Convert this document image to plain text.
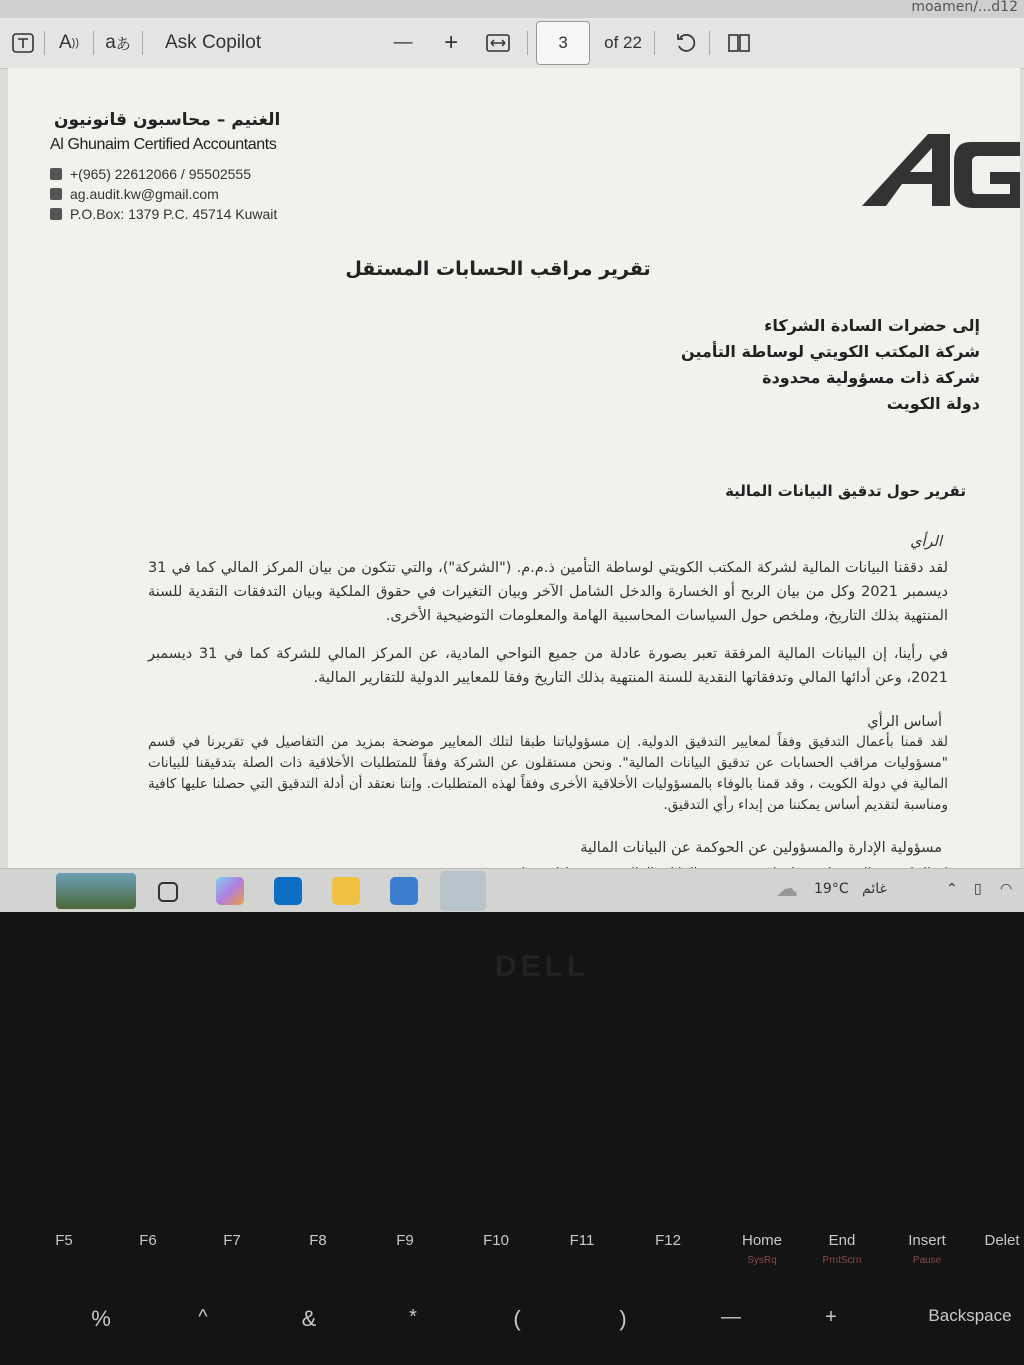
moamen/...d12
A )) a あ Ask Copilot	— +	3	of 22
الغنيم – محاسبون قانونيون
Al Ghunaim Certified Accountants
+(965) 22612066 / 95502555
ag.audit.kw@gmail.com
P.O.Box: 1379 P.C. 45714 Kuwait
AG
تقرير مراقب الحسابات المستقل
إلى حضرات السادة الشركاء
شركة المكتب الكويتي لوساطة التأمين
شركة ذات مسؤولية محدودة
دولة الكويت
تقرير حول تدقيق البيانات المالية
الرأي
لقد دققنا البيانات المالية لشركة المكتب الكويتي لوساطة التأمين ذ.م.م. ("الشركة")، والتي تتكون من بيان المركز المالي كما في 31 ديسمبر 2021 وكل من بيان الربح أو الخسارة والدخل الشامل الآخر وبيان التغيرات في حقوق الملكية وبيان التدفقات النقدية للسنة المنتهية بذلك التاريخ، وملخص حول السياسات المحاسبية الهامة والمعلومات التوضيحية الأخرى.
في رأينا، إن البيانات المالية المرفقة تعبر بصورة عادلة من جميع النواحي المادية، عن المركز المالي للشركة كما في 31 ديسمبر 2021، وعن أدائها المالي وتدفقاتها النقدية للسنة المنتهية بذلك التاريخ وفقا للمعايير الدولية للتقارير المالية.
أساس الرأي
لقد قمنا بأعمال التدقيق وفقاً لمعايير التدقيق الدولية. إن مسؤولياتنا طبقا لتلك المعايير موضحة بمزيد من التفاصيل في تقريرنا في قسم "مسؤوليات مراقب الحسابات عن تدقيق البيانات المالية". ونحن مستقلون عن الشركة وفقاً للمتطلبات الأخلاقية ذات الصلة بتدقيقنا للبيانات المالية في دولة الكويت ، وقد قمنا بالوفاء بالمسؤوليات الأخلاقية الأخرى وفقاً لهذه المتطلبات. وإننا نعتقد أن أدلة التدقيق التي حصلنا عليها كافية ومناسبة لتقديم أساس يمكننا من إبداء رأي التدقيق.
مسؤولية الإدارة والمسؤولين عن الحوكمة عن البيانات المالية
☁ 19°C غائم	⌃ ▯ ◠
DELL
F5	F6	F7	F8	F9	F10	F11	F12	Home
SysRq
End
PrntScrn
Insert
Pause
Delet
%	^	&	*	(	)	—	+	Backspace
